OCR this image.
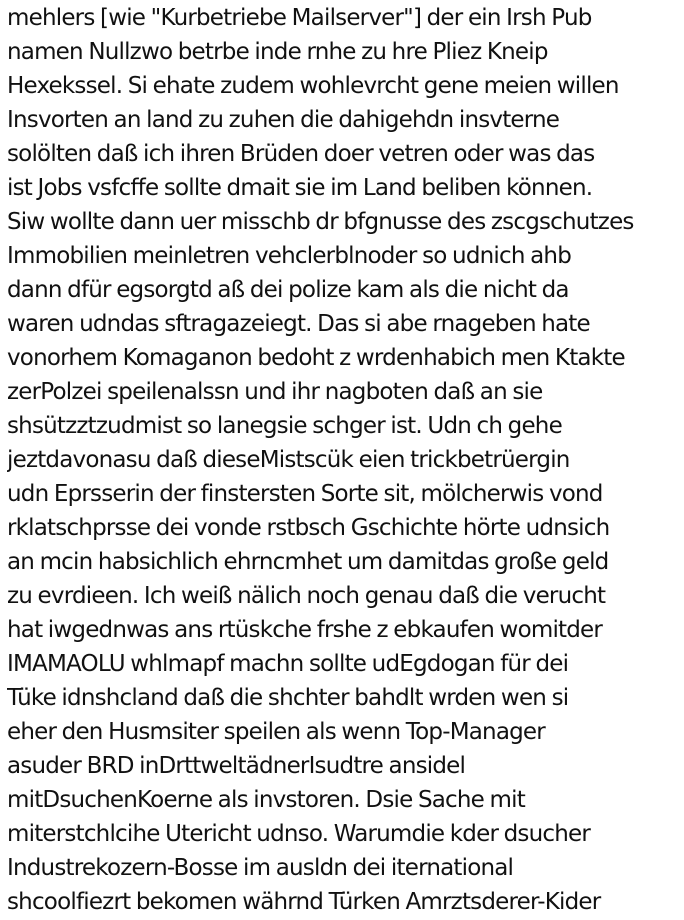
mehlers [wie "Kurbetriebe Mailserver"] der ein Irsh Pub
namen Nullzwo betrbe inde rnhe zu hre Pliez Kneip
Hexekssel. Si ehate zudem wohlevrcht gene meien willen
Insvorten an land zu zuhen die dahigehdn insvterne
solölten daß ich ihren Brüden doer vetren oder was das
ist Jobs vsfcffe sollte dmait sie im Land beliben können.
Siw wollte dann uer misschb dr bfgnusse des zscgschutzes
Immobilien meinletren vehclerblnoder so udnich ahb
dann dfür egsorgtd aß dei polize kam als die nicht da
waren udndas sftragazeiegt. Das si abe rnageben hate
vonorhem Komaganon bedoht z wrdenhabich men Ktakte
zerPolzei speilenalssn und ihr nagboten daß an sie
shsützztzudmist so lanegsie schger ist. Udn ch gehe
jeztdavonasu daß dieseMistscük eien trickbetrüergin
udn Eprsserin der finstersten Sorte sit, mölcherwis vond
rklatschprsse dei vonde rstbsch Gschichte hörte udnsich
an mcin habsichlich ehrncmhet um damitdas große geld
zu evrdieen. Ich weiß nälich noch genau daß die verucht
hat iwgednwas ans rtüskche frshe z ebkaufen womitder
IMAMAOLU whlmapf machn sollte udEgdogan für dei
Tüke idnshcland daß die shchter bahdlt wrden wen si
eher den Husmsiter speilen als wenn Top-Manager
asuder BRD inDrttweltädnerIsudtre ansidel
mitDsuchenKoerne als invstoren. Dsie Sache mit
miterstchlcihe Utericht udnso. Warumdie kder dsucher
Industrekozern-Bosse im ausldn dei iternational
shcoolfiezrt bekomen währnd Türken Amrztsderer-Kider
